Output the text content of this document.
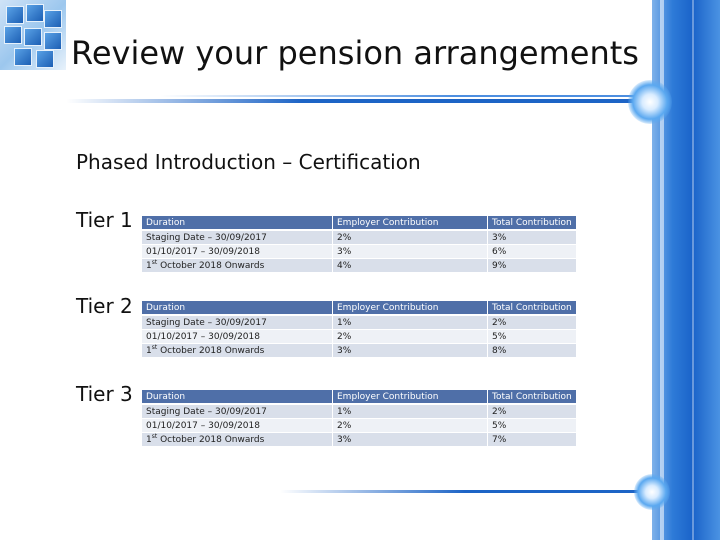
Review your pension arrangements
Phased Introduction – Certification
Tier 1 Duration	Employer Contribution	Total Contribution
Staging Date – 30/09/2017	2%	3%
01/10/2017 – 30/09/2018	3%	6%
1st October 2018 Onwards	4%	9%
Tier 2 Duration	Employer Contribution	Total Contribution
Staging Date – 30/09/2017	1%	2%
01/10/2017 – 30/09/2018	2%	5%
1st October 2018 Onwards	3%	8%
Tier 3 Duration	Employer Contribution	Total Contribution
Staging Date – 30/09/2017	1%	2%
01/10/2017 – 30/09/2018	2%	5%
1st October 2018 Onwards	3%	7%
